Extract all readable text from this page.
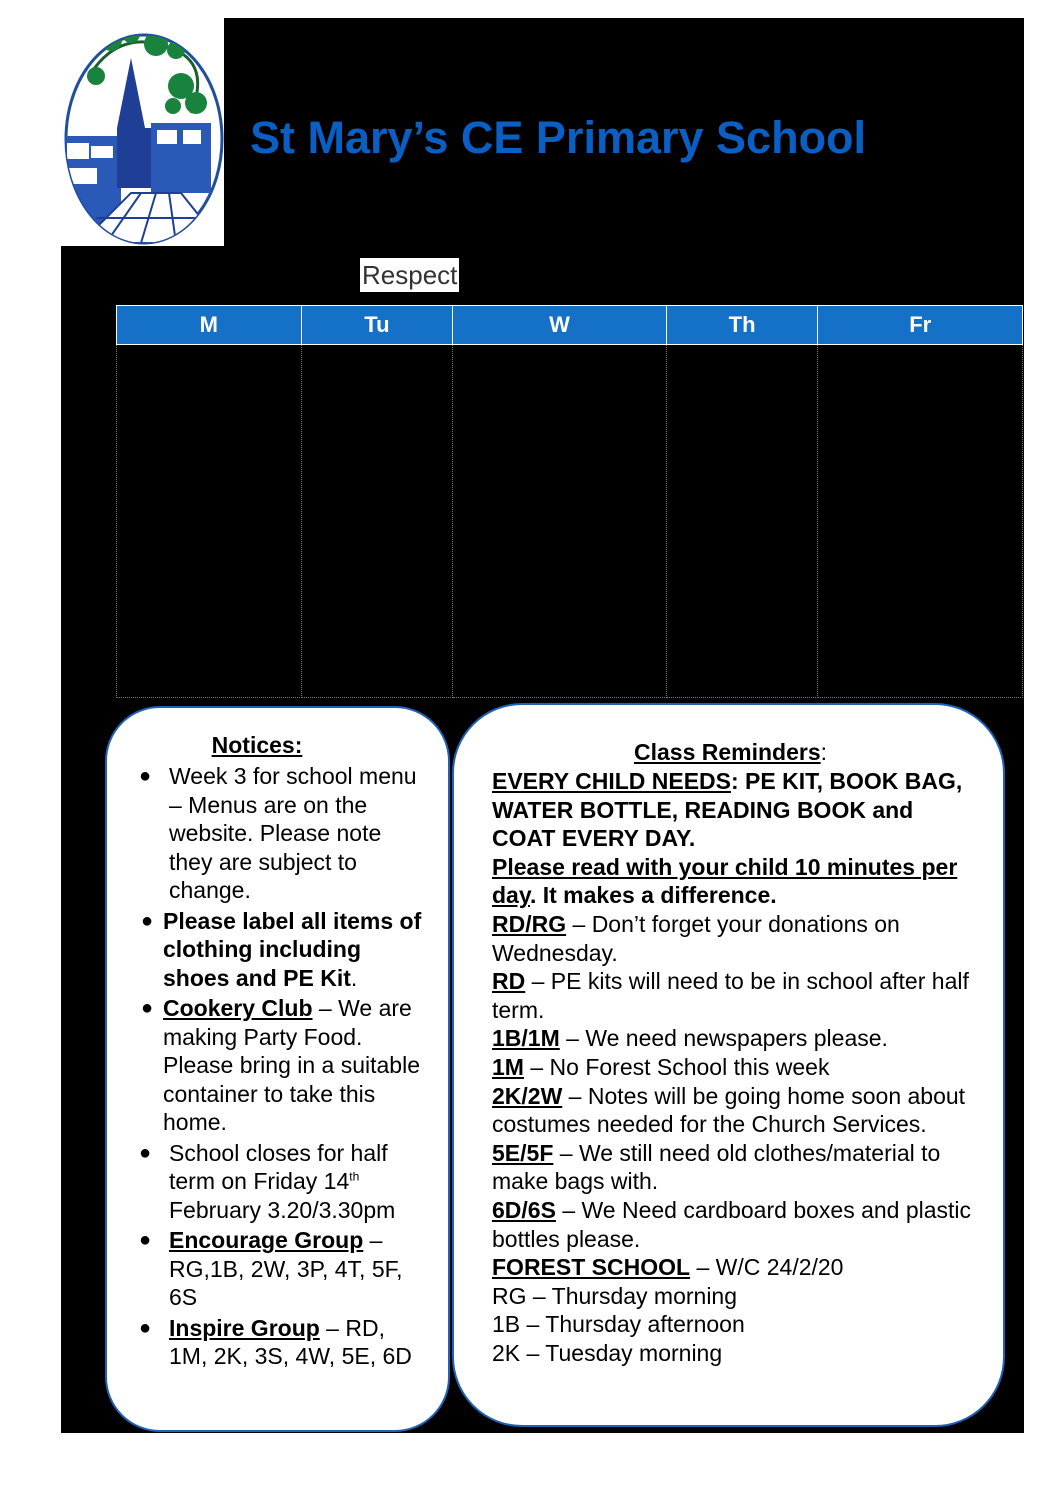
St Mary’s CE Primary School
Respect
M	Tu	W	Th	Fr

Notices:
● Week 3 for school menu – Menus are on the website. Please note they are subject to change.
● Please label all items of clothing including shoes and PE Kit.
● Cookery Club – We are making Party Food. Please bring in a suitable container to take this home.
● School closes for half term on Friday 14th February 3.20/3.30pm
● Encourage Group – RG,1B, 2W, 3P, 4T, 5F, 6S
● Inspire Group – RD, 1M, 2K, 3S, 4W, 5E, 6D
Class Reminders:

EVERY CHILD NEEDS: PE KIT, BOOK BAG, WATER BOTTLE, READING BOOK and COAT EVERY DAY.

Please read with your child 10 minutes per day. It makes a difference.

RD/RG – Don’t forget your donations on Wednesday.

RD – PE kits will need to be in school after half term.

1B/1M – We need newspapers please.

1M – No Forest School this week

2K/2W – Notes will be going home soon about costumes needed for the Church Services.

5E/5F – We still need old clothes/material to make bags with.

6D/6S – We Need cardboard boxes and plastic bottles please.

FOREST SCHOOL – W/C 24/2/20

RG – Thursday morning

1B – Thursday afternoon

2K – Tuesday morning
